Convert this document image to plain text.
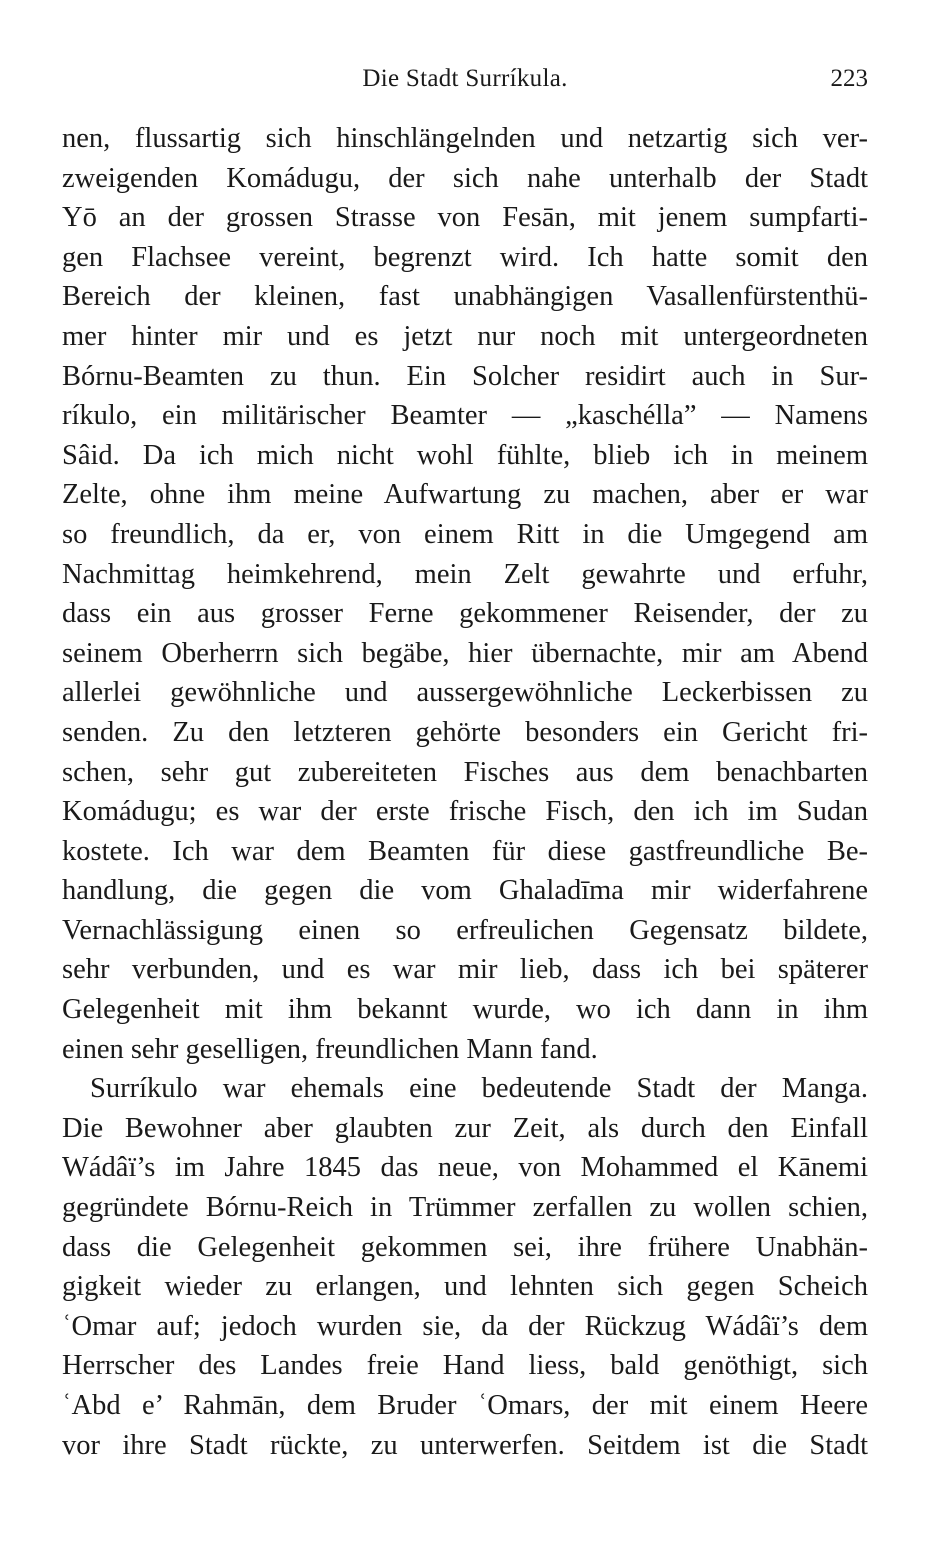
Die Stadt Surríkula.	223
nen, flussartig sich hinschlängelnden und netzartig sich ver-
zweigenden Komádugu, der sich nahe unterhalb der Stadt
Yō an der grossen Strasse von Fesān, mit jenem sumpfarti-
gen Flachsee vereint, begrenzt wird. Ich hatte somit den
Bereich der kleinen, fast unabhängigen Vasallenfürstenthü-
mer hinter mir und es jetzt nur noch mit untergeordneten
Bórnu-Beamten zu thun. Ein Solcher residirt auch in Sur-
ríkulo, ein militärischer Beamter — „kaschélla” — Namens
Sâid. Da ich mich nicht wohl fühlte, blieb ich in meinem
Zelte, ohne ihm meine Aufwartung zu machen, aber er war
so freundlich, da er, von einem Ritt in die Umgegend am
Nachmittag heimkehrend, mein Zelt gewahrte und erfuhr,
dass ein aus grosser Ferne gekommener Reisender, der zu
seinem Oberherrn sich begäbe, hier übernachte, mir am Abend
allerlei gewöhnliche und aussergewöhnliche Leckerbissen zu
senden. Zu den letzteren gehörte besonders ein Gericht fri-
schen, sehr gut zubereiteten Fisches aus dem benachbarten
Komádugu; es war der erste frische Fisch, den ich im Sudan
kostete. Ich war dem Beamten für diese gastfreundliche Be-
handlung, die gegen die vom Ghaladīma mir widerfahrene
Vernachlässigung einen so erfreulichen Gegensatz bildete,
sehr verbunden, und es war mir lieb, dass ich bei späterer
Gelegenheit mit ihm bekannt wurde, wo ich dann in ihm
einen sehr geselligen, freundlichen Mann fand.
Surríkulo war ehemals eine bedeutende Stadt der Manga.
Die Bewohner aber glaubten zur Zeit, als durch den Einfall
Wádâï’s im Jahre 1845 das neue, von Mohammed el Kānemi
gegründete Bórnu-Reich in Trümmer zerfallen zu wollen schien,
dass die Gelegenheit gekommen sei, ihre frühere Unabhän-
gigkeit wieder zu erlangen, und lehnten sich gegen Scheich
ʿOmar auf; jedoch wurden sie, da der Rückzug Wádâï’s dem
Herrscher des Landes freie Hand liess, bald genöthigt, sich
ʿAbd e’ Rahmān, dem Bruder ʿOmars, der mit einem Heere
vor ihre Stadt rückte, zu unterwerfen. Seitdem ist die Stadt
